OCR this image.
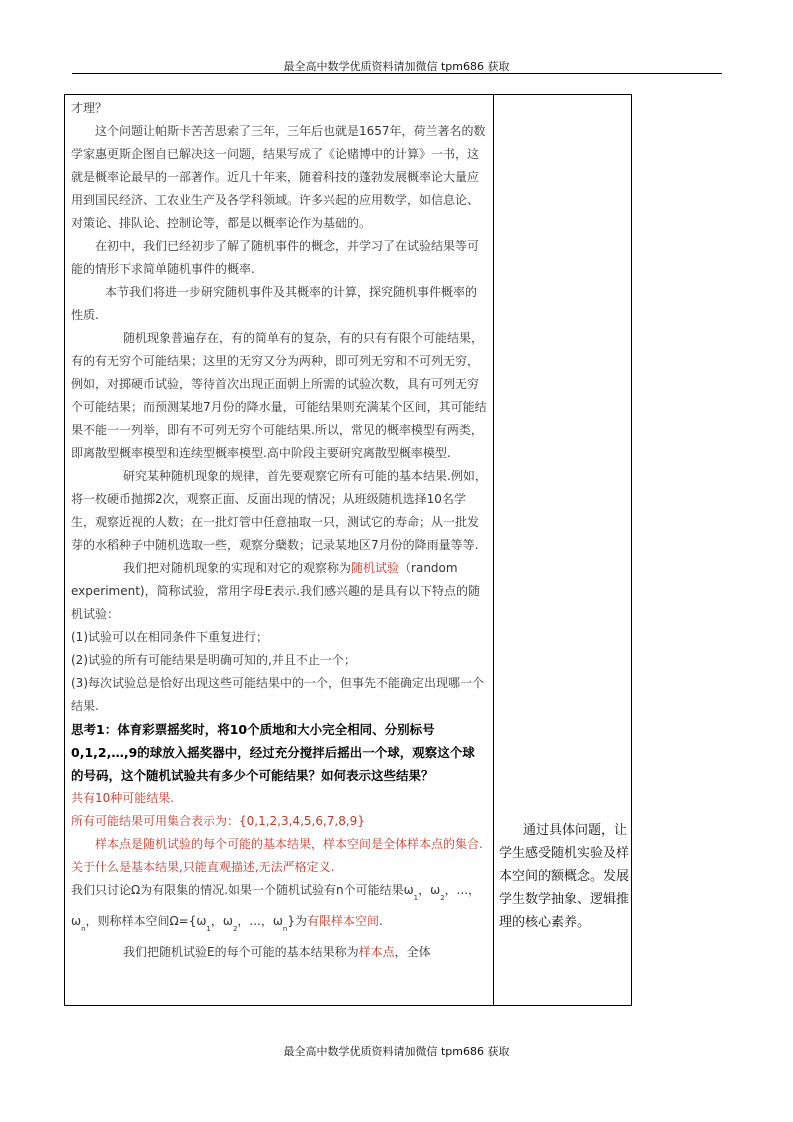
最全高中数学优质资料请加微信 tpm686 获取

才理？

这个问题让帕斯卡苦苦思索了三年，三年后也就是1657年，荷兰著名的数学家惠更斯企图自已解决这一问题，结果写成了《论赌博中的计算》一书，这就是概率论最早的一部著作。近几十年来，随着科技的蓬勃发展概率论大量应用到国民经济、工农业生产及各学科领域。许多兴起的应用数学，如信息论、对策论、排队论、控制论等，都是以概率论作为基础的。

在初中，我们已经初步了解了随机事件的概念，并学习了在试验结果等可能的情形下求简单随机事件的概率.

本节我们将进一步研究随机事件及其概率的计算，探究随机事件概率的性质.

随机现象普遍存在，有的简单有的复杂，有的只有有限个可能结果，有的有无穷个可能结果；这里的无穷又分为两种，即可列无穷和不可列无穷，例如，对掷硬币试验，等待首次出现正面朝上所需的试验次数，具有可列无穷个可能结果；而预测某地7月份的降水量，可能结果则充满某个区间，其可能结果不能一一列举，即有不可列无穷个可能结果.所以，常见的概率模型有两类，即离散型概率模型和连续型概率模型.高中阶段主要研究离散型概率模型.

研究某种随机现象的规律，首先要观察它所有可能的基本结果.例如，将一枚硬币抛掷2次，观察正面、反面出现的情况；从班级随机选择10名学生，观察近视的人数；在一批灯管中任意抽取一只，测试它的寿命；从一批发芽的水稻种子中随机选取一些，观察分蘖数；记录某地区7月份的降雨量等等.

我们把对随机现象的实现和对它的观察称为随机试验（random experiment)，简称试验，常用字母E表示.我们感兴趣的是具有以下特点的随机试验：

(1)试验可以在相同条件下重复进行；

(2)试验的所有可能结果是明确可知的,并且不止一个；

(3)每次试验总是恰好出现这些可能结果中的一个，但事先不能确定出现哪一个结果.

思考1：体育彩票摇奖时，将10个质地和大小完全相同、分别标号0,1,2,…,9的球放入摇奖器中，经过充分搅拌后摇出一个球，观察这个球的号码，这个随机试验共有多少个可能结果？如何表示这些结果？

共有10种可能结果.

所有可能结果可用集合表示为：{0,1,2,3,4,5,6,7,8,9}

样本点是随机试验的每个可能的基本结果，样本空间是全体样本点的集合.关于什么是基本结果,只能直观描述,无法严格定义.

我们只讨论Ω为有限集的情况.如果一个随机试验有n个可能结果$\omega_1$，$\omega_2$，...，$\omega_n$，则称样本空间$\Omega=\{\omega_1$，$\omega_2$，...，$\omega_n$}为有限样本空间.

我们把随机试验E的每个可能的基本结果称为样本点，全体

通过具体问题，让学生感受随机实验及样本空间的额概念。发展学生数学抽象、逻辑推理的核心素养。

最全高中数学优质资料请加微信 tpm686 获取
